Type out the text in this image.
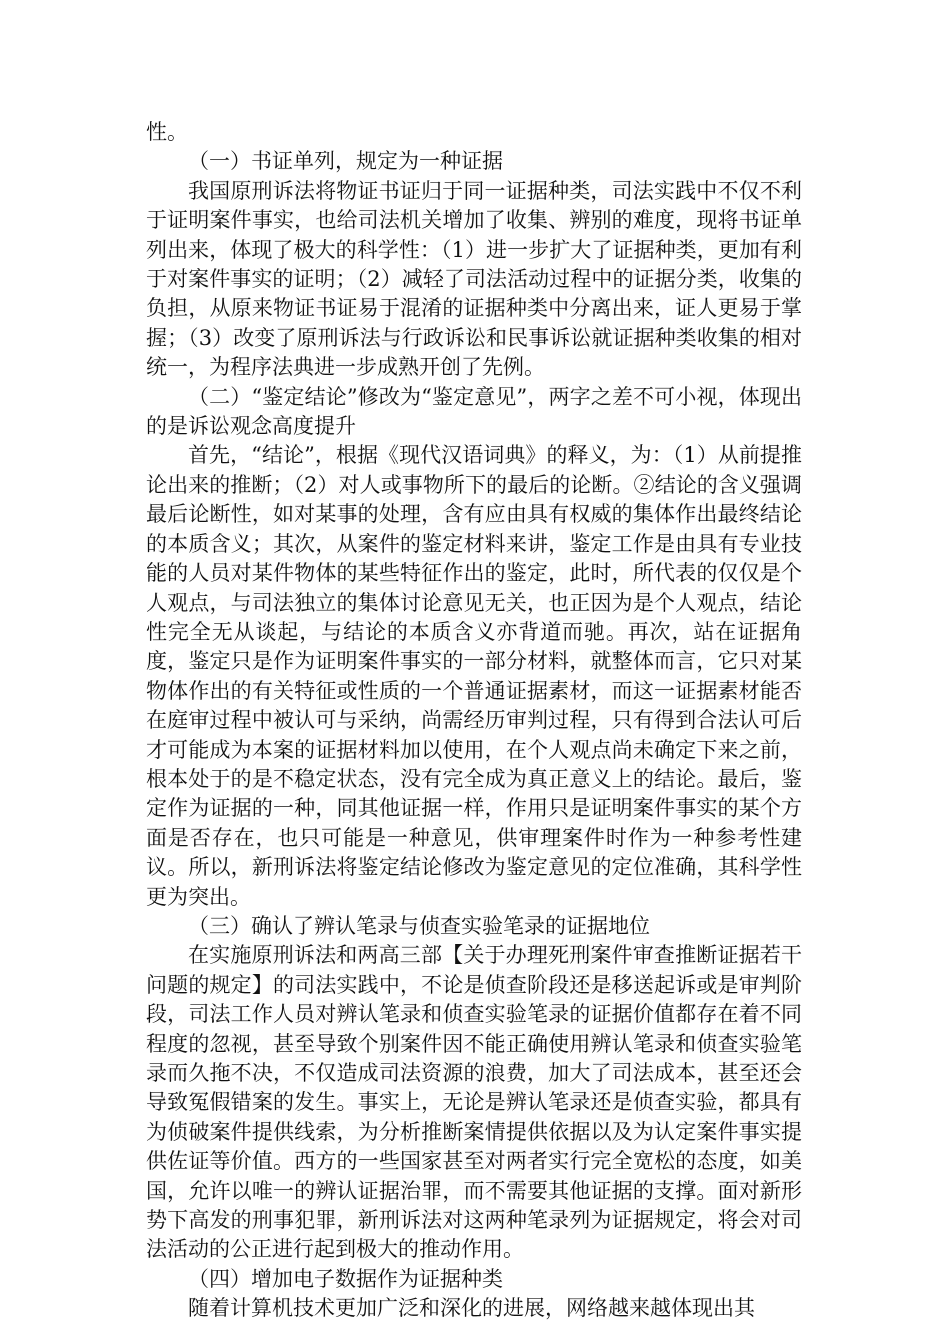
性。

（一）书证单列，规定为一种证据

我国原刑诉法将物证书证归于同一证据种类，司法实践中不仅不利于证明案件事实，也给司法机关增加了收集、辨别的难度，现将书证单列出来，体现了极大的科学性：（1）进一步扩大了证据种类，更加有利于对案件事实的证明；（2）减轻了司法活动过程中的证据分类，收集的负担，从原来物证书证易于混淆的证据种类中分离出来，证人更易于掌握；（3）改变了原刑诉法与行政诉讼和民事诉讼就证据种类收集的相对统一，为程序法典进一步成熟开创了先例。

（二）“鉴定结论”修改为“鉴定意见”，两字之差不可小视，体现出的是诉讼观念高度提升

首先，“结论”，根据《现代汉语词典》的释义，为：（1）从前提推论出来的推断；（2）对人或事物所下的最后的论断。②结论的含义强调最后论断性，如对某事的处理，含有应由具有权威的集体作出最终结论的本质含义；其次，从案件的鉴定材料来讲，鉴定工作是由具有专业技能的人员对某件物体的某些特征作出的鉴定，此时，所代表的仅仅是个人观点，与司法独立的集体讨论意见无关，也正因为是个人观点，结论性完全无从谈起，与结论的本质含义亦背道而驰。再次，站在证据角度，鉴定只是作为证明案件事实的一部分材料，就整体而言，它只对某物体作出的有关特征或性质的一个普通证据素材，而这一证据素材能否在庭审过程中被认可与采纳，尚需经历审判过程，只有得到合法认可后才可能成为本案的证据材料加以使用，在个人观点尚未确定下来之前，根本处于的是不稳定状态，没有完全成为真正意义上的结论。最后，鉴定作为证据的一种，同其他证据一样，作用只是证明案件事实的某个方面是否存在，也只可能是一种意见，供审理案件时作为一种参考性建议。所以，新刑诉法将鉴定结论修改为鉴定意见的定位准确，其科学性更为突出。

（三）确认了辨认笔录与侦查实验笔录的证据地位

在实施原刑诉法和两高三部【关于办理死刑案件审查推断证据若干问题的规定】的司法实践中，不论是侦查阶段还是移送起诉或是审判阶段，司法工作人员对辨认笔录和侦查实验笔录的证据价值都存在着不同程度的忽视，甚至导致个别案件因不能正确使用辨认笔录和侦查实验笔录而久拖不决，不仅造成司法资源的浪费，加大了司法成本，甚至还会导致冤假错案的发生。事实上，无论是辨认笔录还是侦查实验，都具有为侦破案件提供线索，为分析推断案情提供依据以及为认定案件事实提供佐证等价值。西方的一些国家甚至对两者实行完全宽松的态度，如美国，允许以唯一的辨认证据治罪，而不需要其他证据的支撑。面对新形势下高发的刑事犯罪，新刑诉法对这两种笔录列为证据规定，将会对司法活动的公正进行起到极大的推动作用。

（四）增加电子数据作为证据种类

随着计算机技术更加广泛和深化的进展，网络越来越体现出其
